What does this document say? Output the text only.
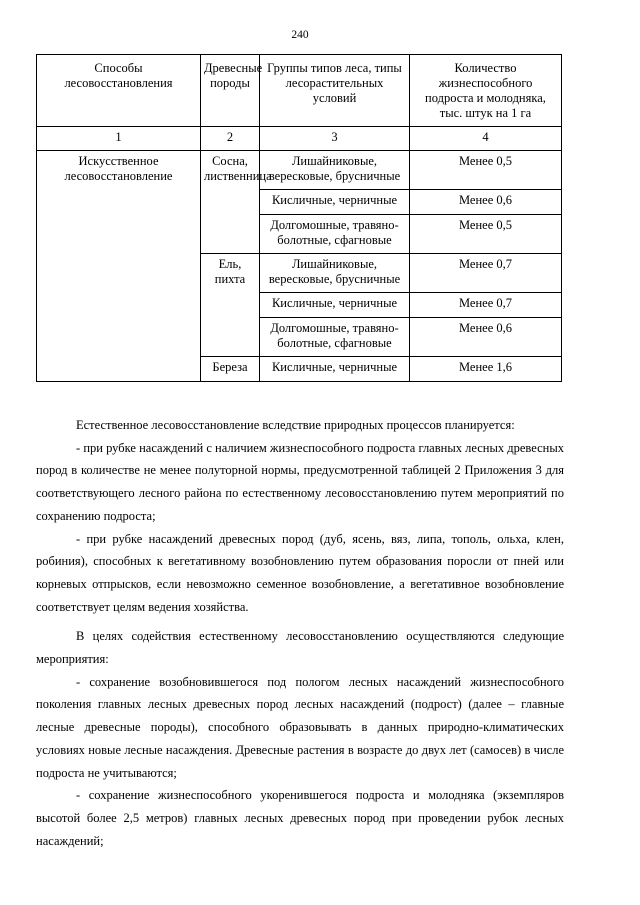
240
Способы лесовосстановления	Древесные породы	Группы типов леса, типы лесорастительных условий	Количество жизнеспособного подроста и молодняка, тыс. штук на 1 га
1	2	3	4
Искусственное лесовосстановление	Сосна, лиственница	Лишайниковые, вересковые, брусничные	Менее 0,5
		Кисличные, черничные	Менее 0,6
		Долгомошные, травяно-болотные, сфагновые	Менее 0,5
	Ель, пихта	Лишайниковые, вересковые, брусничные	Менее 0,7
		Кисличные, черничные	Менее 0,7
		Долгомошные, травяно-болотные, сфагновые	Менее 0,6
	Береза	Кисличные, черничные	Менее 1,6

Естественное лесовосстановление вследствие природных процессов планируется:

- при рубке насаждений с наличием жизнеспособного подроста главных лесных древесных пород в количестве не менее полуторной нормы, предусмотренной таблицей 2 Приложения 3 для соответствующего лесного района по естественному лесовосстановлению путем мероприятий по сохранению подроста;

- при рубке насаждений древесных пород (дуб, ясень, вяз, липа, тополь, ольха, клен, робиния), способных к вегетативному возобновлению путем образования поросли от пней или корневых отпрысков, если невозможно семенное возобновление, а вегетативное возобновление соответствует целям ведения хозяйства.

В целях содействия естественному лесовосстановлению осуществляются следующие мероприятия:

- сохранение возобновившегося под пологом лесных насаждений жизнеспособного поколения главных лесных древесных пород лесных насаждений (подрост) (далее – главные лесные древесные породы), способного образовывать в данных природно-климатических условиях новые лесные насаждения. Древесные растения в возрасте до двух лет (самосев) в числе подроста не учитываются;

- сохранение жизнеспособного укоренившегося подроста и молодняка (экземпляров высотой более 2,5 метров) главных лесных древесных пород при проведении рубок лесных насаждений;
